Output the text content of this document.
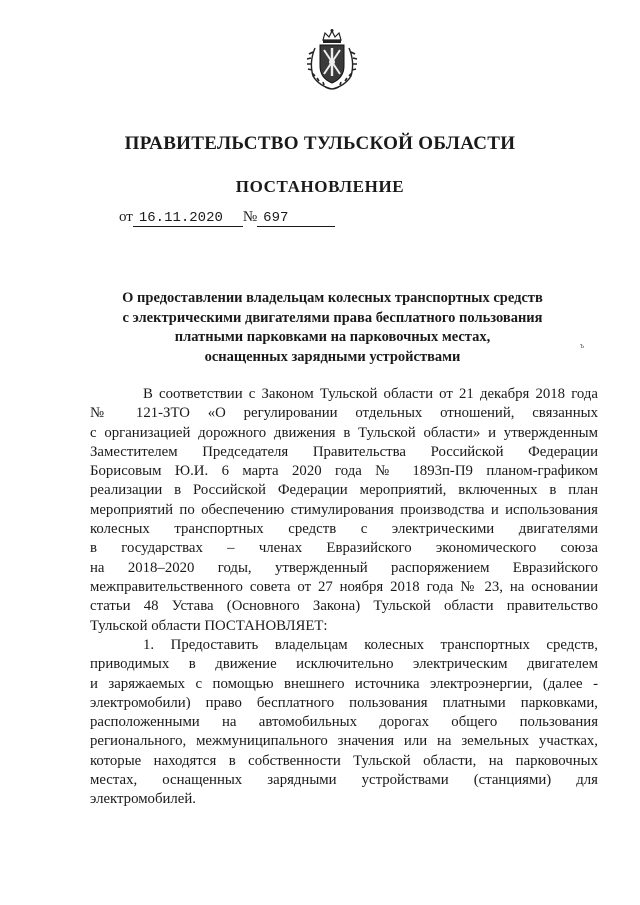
ПРАВИТЕЛЬСТВО ТУЛЬСКОЙ ОБЛАСТИ
ПОСТАНОВЛЕНИЕ
от 16.11.2020	№ 697
О предоставлении владельцам колесных транспортных средств
с электрическими двигателями права бесплатного пользования
платными парковками на парковочных местах,
оснащенных зарядными устройствами
ъ
В соответствии с Законом Тульской области от 21 декабря 2018 года
№ 121-ЗТО «О регулировании отдельных отношений, связанных
с организацией дорожного движения в Тульской области» и утвержденным
Заместителем Председателя Правительства Российской Федерации
Борисовым Ю.И. 6 марта 2020 года № 1893п-П9 планом-графиком
реализации в Российской Федерации мероприятий, включенных в план
мероприятий по обеспечению стимулирования производства и использования
колесных транспортных средств с электрическими двигателями
в государствах – членах Евразийского экономического союза
на 2018–2020 годы, утвержденный распоряжением Евразийского
межправительственного совета от 27 ноября 2018 года № 23, на основании
статьи 48 Устава (Основного Закона) Тульской области правительство
Тульской области ПОСТАНОВЛЯЕТ:
1. Предоставить владельцам колесных транспортных средств,
приводимых в движение исключительно электрическим двигателем
и заряжаемых с помощью внешнего источника электроэнергии, (далее -
электромобили) право бесплатного пользования платными парковками,
расположенными на автомобильных дорогах общего пользования
регионального, межмуниципального значения или на земельных участках,
которые находятся в собственности Тульской области, на парковочных
местах, оснащенных зарядными устройствами (станциями) для
электромобилей.
